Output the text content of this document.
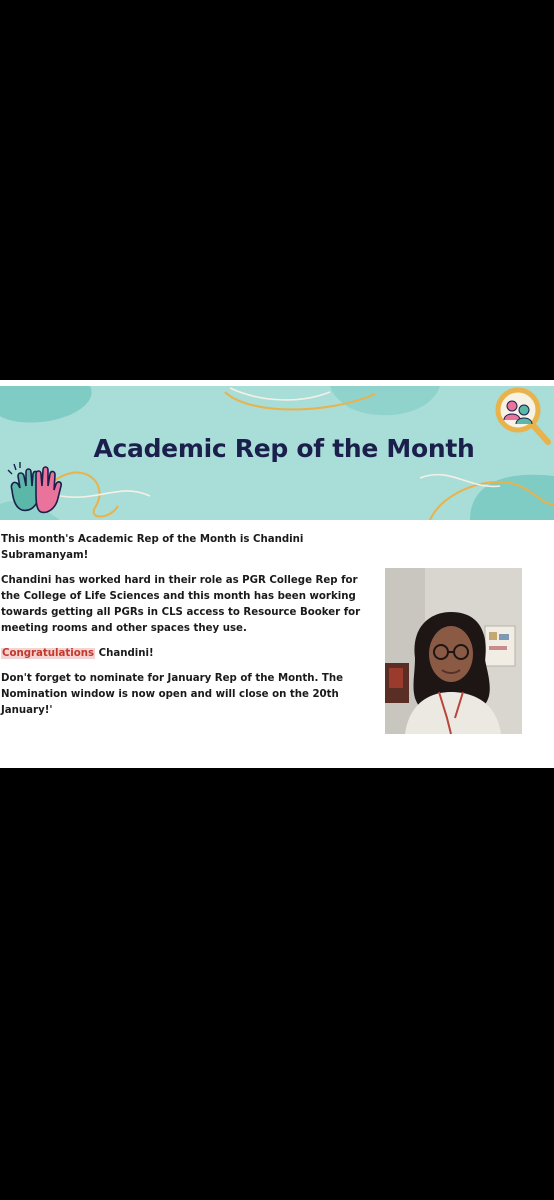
Academic Rep of the Month

This month's Academic Rep of the Month is Chandini Subramanyam!

Chandini has worked hard in their role as PGR College Rep for the College of Life Sciences and this month has been working towards getting all PGRs in CLS access to Resource Booker for meeting rooms and other spaces they use.

Congratulations Chandini!

Don't forget to nominate for January Rep of the Month. The Nomination window is now open and will close on the 20th January!'
